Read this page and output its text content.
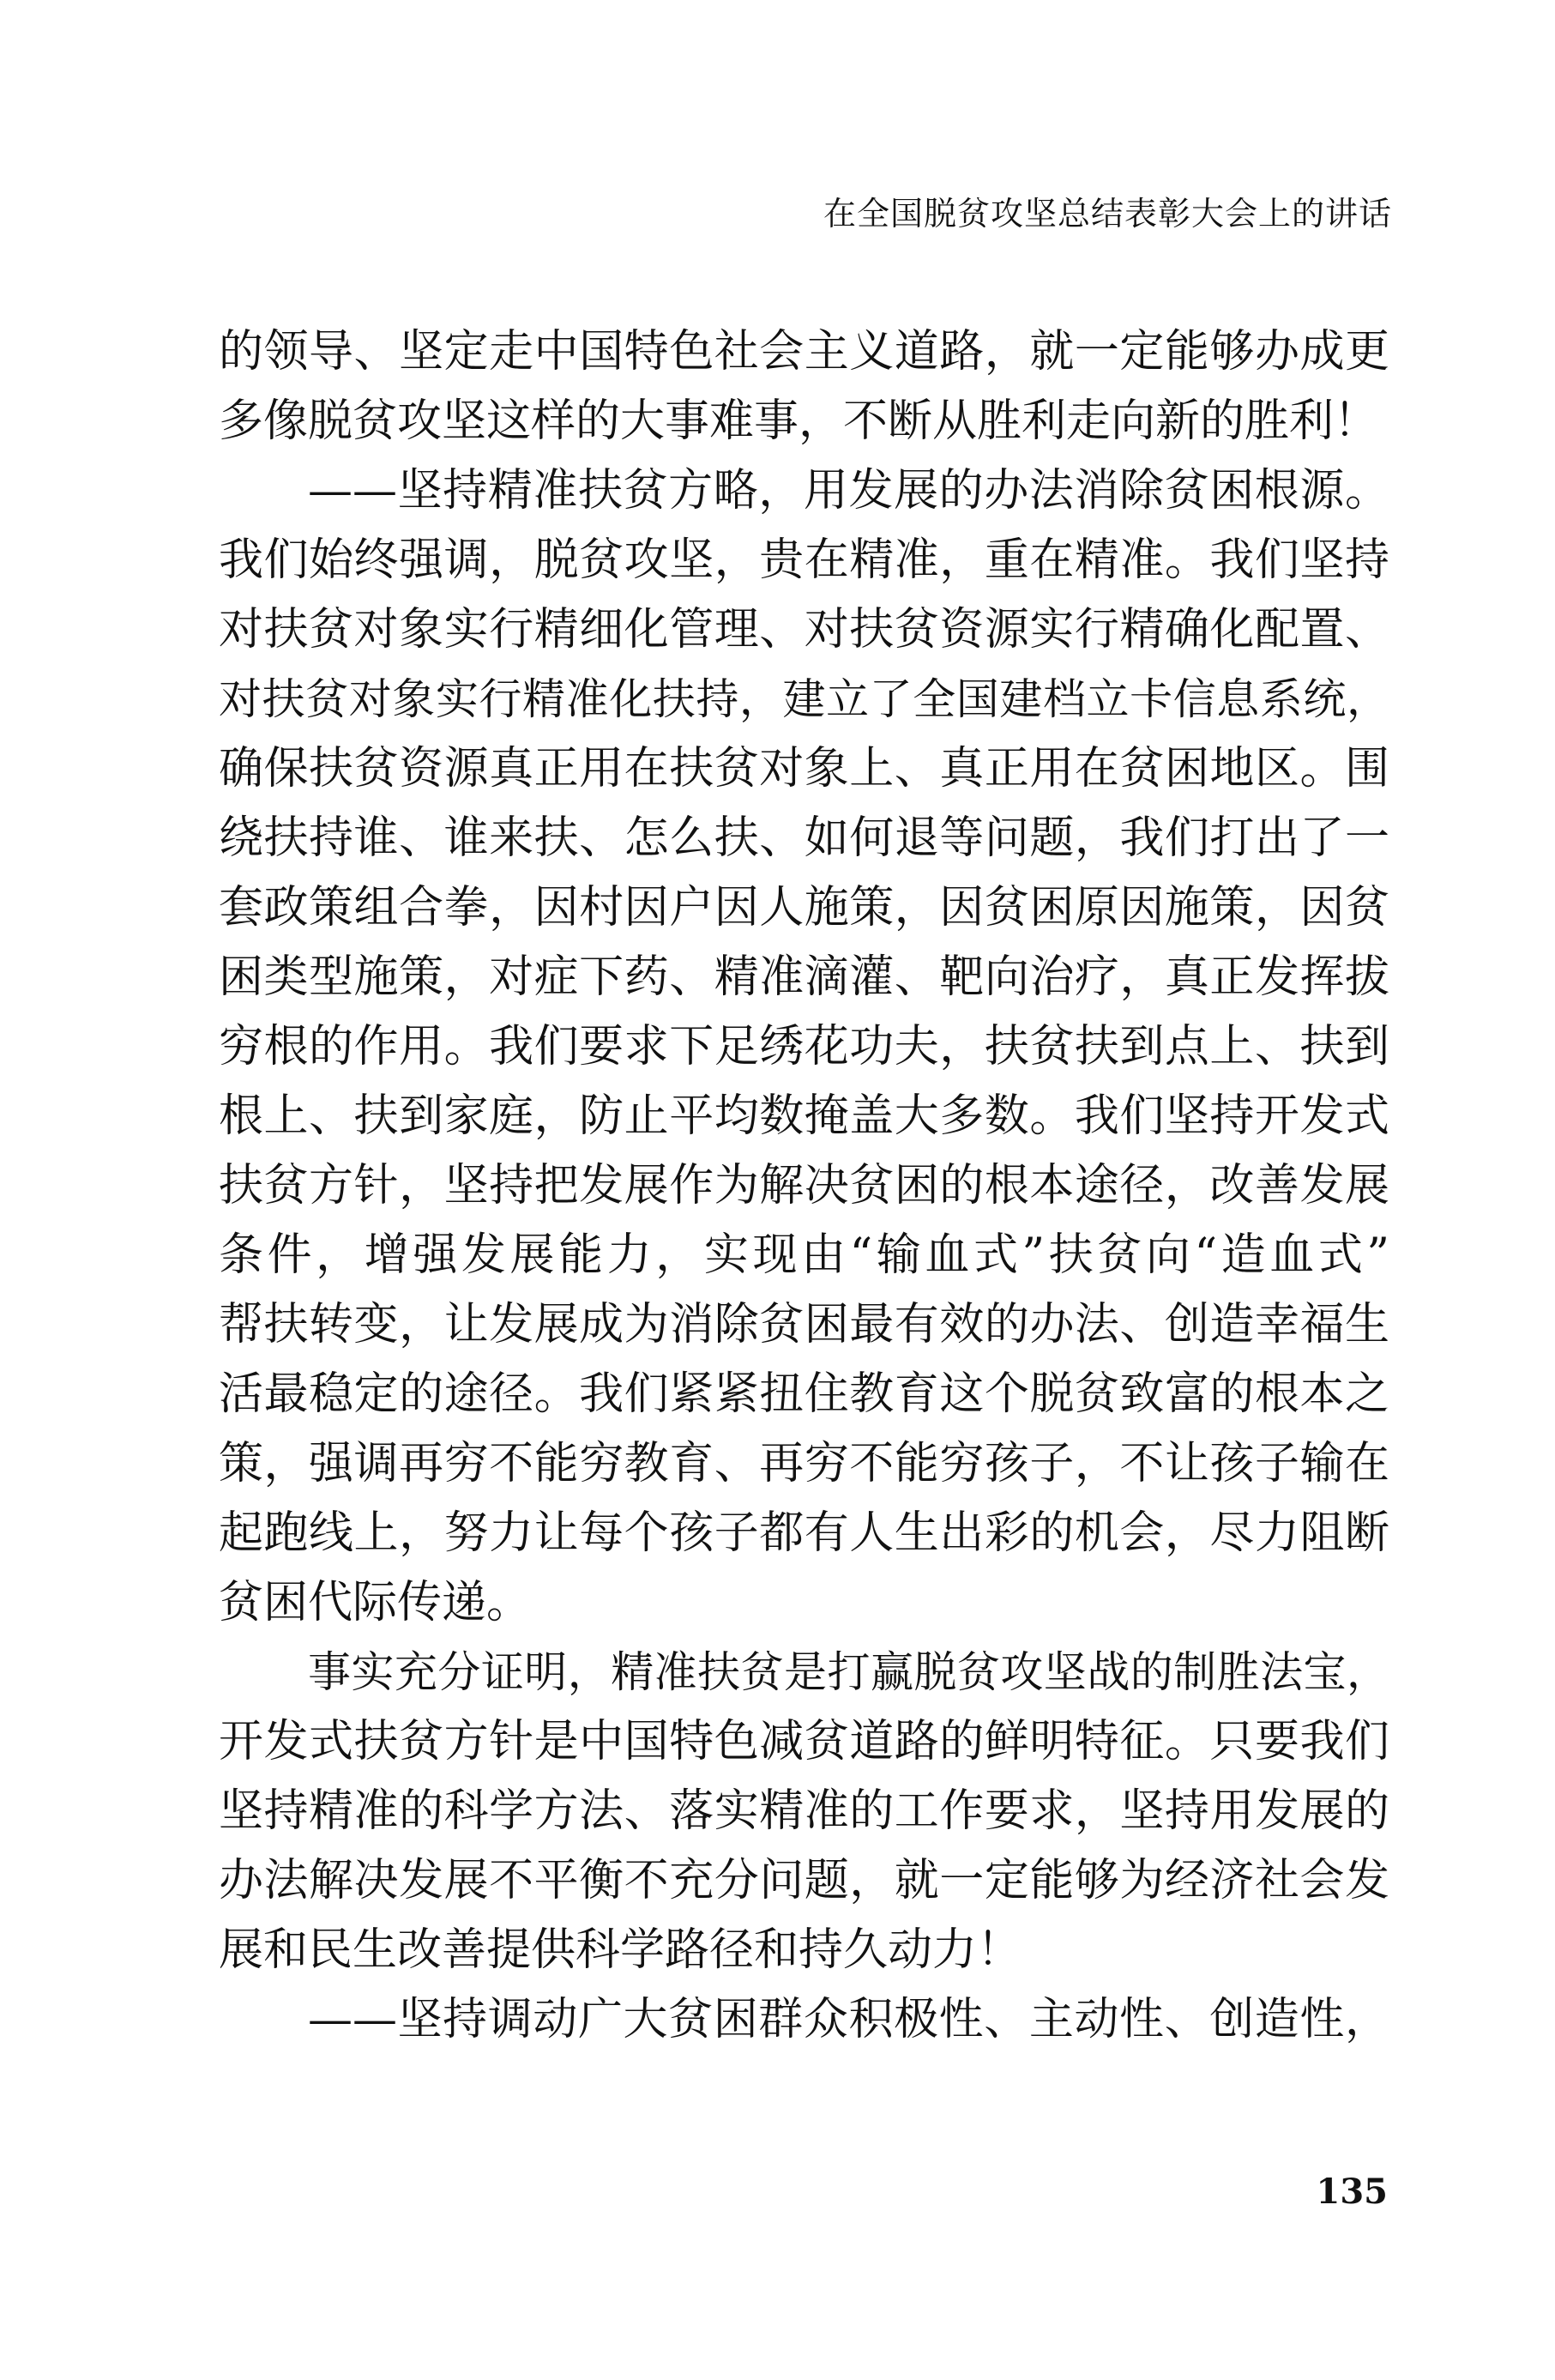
在全国脱贫攻坚总结表彰大会上的讲话
的领导、坚定走中国特色社会主义道路，就一定能够办成更
多像脱贫攻坚这样的大事难事，不断从胜利走向新的胜利！
——坚持精准扶贫方略，用发展的办法消除贫困根源。
我们始终强调，脱贫攻坚，贵在精准，重在精准。我们坚持
对扶贫对象实行精细化管理、对扶贫资源实行精确化配置、
对扶贫对象实行精准化扶持，建立了全国建档立卡信息系统，
确保扶贫资源真正用在扶贫对象上、真正用在贫困地区。围
绕扶持谁、谁来扶、怎么扶、如何退等问题，我们打出了一
套政策组合拳，因村因户因人施策，因贫困原因施策，因贫
困类型施策，对症下药、精准滴灌、靶向治疗，真正发挥拔
穷根的作用。我们要求下足绣花功夫，扶贫扶到点上、扶到
根上、扶到家庭，防止平均数掩盖大多数。我们坚持开发式
扶贫方针，坚持把发展作为解决贫困的根本途径，改善发展
条件，增强发展能力，实现由“输血式”扶贫向“造血式”
帮扶转变，让发展成为消除贫困最有效的办法、创造幸福生
活最稳定的途径。我们紧紧扭住教育这个脱贫致富的根本之
策，强调再穷不能穷教育、再穷不能穷孩子，不让孩子输在
起跑线上，努力让每个孩子都有人生出彩的机会，尽力阻断
贫困代际传递。
事实充分证明，精准扶贫是打赢脱贫攻坚战的制胜法宝，
开发式扶贫方针是中国特色减贫道路的鲜明特征。只要我们
坚持精准的科学方法、落实精准的工作要求，坚持用发展的
办法解决发展不平衡不充分问题，就一定能够为经济社会发
展和民生改善提供科学路径和持久动力！
——坚持调动广大贫困群众积极性、主动性、创造性，
135
